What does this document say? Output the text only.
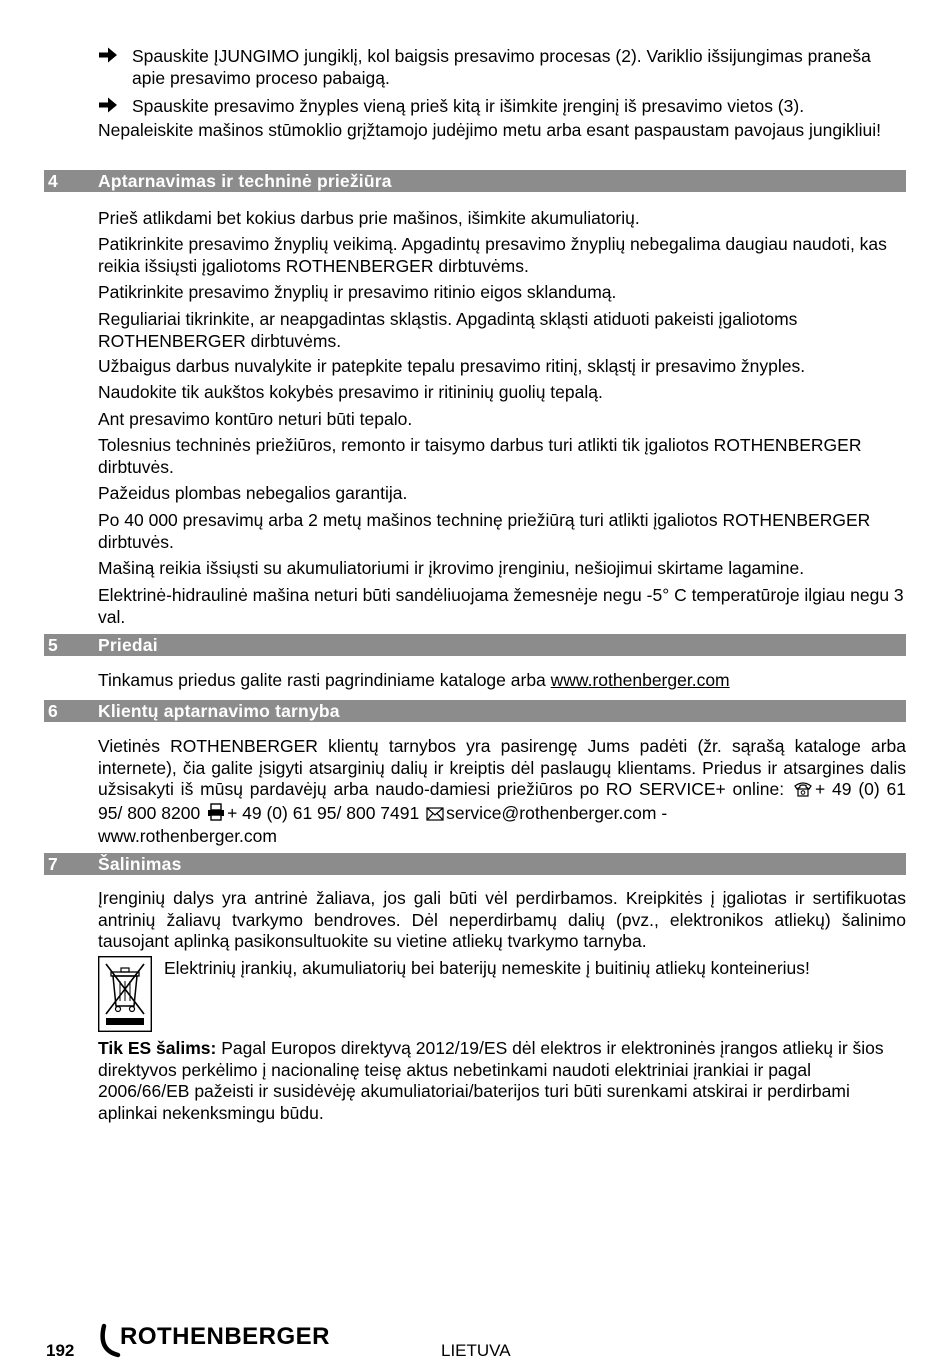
Spauskite ĮJUNGIMO jungiklį, kol baigsis presavimo procesas (2). Variklio išsijungimas praneša apie presavimo proceso pabaigą.
Spauskite presavimo žnyples vieną prieš kitą ir išimkite įrenginį iš presavimo vietos (3).

Nepaleiskite mašinos stūmoklio grįžtamojo judėjimo metu arba esant paspaustam pavojaus jungikliui!

4 Aptarnavimas ir techninė priežiūra

Prieš atlikdami bet kokius darbus prie mašinos, išimkite akumuliatorių.

Patikrinkite presavimo žnyplių veikimą. Apgadintų presavimo žnyplių nebegalima daugiau naudoti, kas reikia išsiųsti įgaliotoms ROTHENBERGER dirbtuvėms.

Patikrinkite presavimo žnyplių ir presavimo ritinio eigos sklandumą.

Reguliariai tikrinkite, ar neapgadintas skląstis. Apgadintą skląsti atiduoti pakeisti įgaliotoms ROTHENBERGER dirbtuvėms.

Užbaigus darbus nuvalykite ir patepkite tepalu presavimo ritinį, skląstį ir presavimo žnyples.

Naudokite tik aukštos kokybės presavimo ir ritininių guolių tepalą.

Ant presavimo kontūro neturi būti tepalo.

Tolesnius techninės priežiūros, remonto ir taisymo darbus turi atlikti tik įgaliotos ROTHENBERGER dirbtuvės.

Pažeidus plombas nebegalios garantija.

Po 40 000 presavimų arba 2 metų mašinos techninę priežiūrą turi atlikti įgaliotos ROTHENBERGER dirbtuvės.

Mašiną reikia išsiųsti su akumuliatoriumi ir įkrovimo įrenginiu, nešiojimui skirtame lagamine.

Elektrinė-hidraulinė mašina neturi būti sandėliuojama žemesnėje negu -5° C temperatūroje ilgiau negu 3 val.

5 Priedai

Tinkamus priedus galite rasti pagrindiniame kataloge arba www.rothenberger.com

6 Klientų aptarnavimo tarnyba

Vietinės ROTHENBERGER klientų tarnybos yra pasirengę Jums padėti (žr. sąrašą kataloge arba internete), čia galite įsigyti atsarginių dalių ir kreiptis dėl paslaugų klientams. Priedus ir atsargines dalis užsisakyti iš mūsų pardavėjų arba naudo-damiesi priežiūros po RO SERVICE+ online: + 49 (0) 61 95/ 800 8200 + 49 (0) 61 95/ 800 7491 service@rothenberger.com -
www.rothenberger.com

7 Šalinimas

Įrenginių dalys yra antrinė žaliava, jos gali būti vėl perdirbamos. Kreipkitės į įgaliotas ir sertifikuotas antrinių žaliavų tvarkymo bendroves. Dėl neperdirbamų dalių (pvz., elektronikos atliekų) šalinimo tausojant aplinką pasikonsultuokite su vietine atliekų tvarkymo tarnyba.

Elektrinių įrankių, akumuliatorių bei baterijų nemeskite į buitinių atliekų konteinerius!

Tik ES šalims: Pagal Europos direktyvą 2012/19/ES dėl elektros ir elektroninės įrangos atliekų ir šios direktyvos perkėlimo į nacionalinę teisę aktus nebetinkami naudoti elektriniai įrankiai ir pagal 2006/66/EB pažeisti ir susidėvėję akumuliatoriai/baterijos turi būti surenkami atskirai ir perdirbami aplinkai nekenksmingu būdu.

192
ROTHENBERGER
LIETUVA
